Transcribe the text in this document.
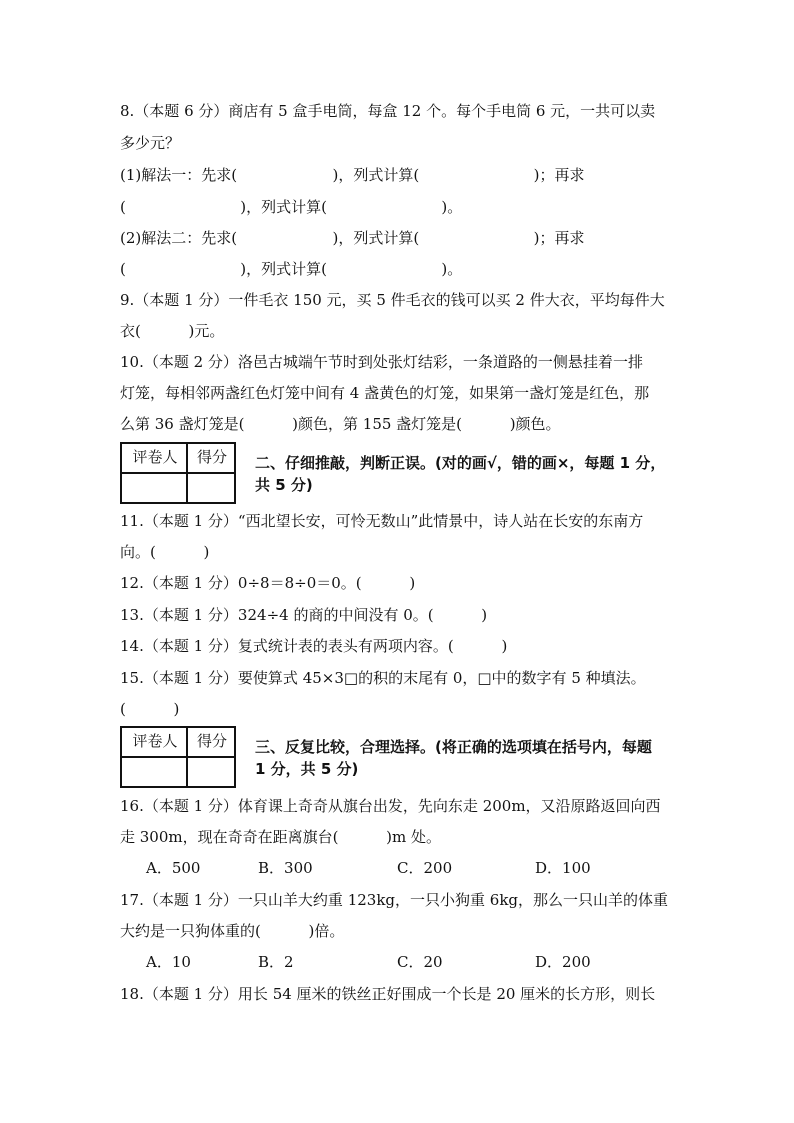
8.（本题 6 分）商店有 5 盒手电筒，每盒 12 个。每个手电筒 6 元，一共可以卖
多少元？
(1)解法一：先求(                    )，列式计算(                        )；再求
(                        )，列式计算(                        )。
(2)解法二：先求(                    )，列式计算(                        )；再求
(                        )，列式计算(                        )。
9.（本题 1 分）一件毛衣 150 元，买 5 件毛衣的钱可以买 2 件大衣，平均每件大
衣(          )元。
10.（本题 2 分）洛邑古城端午节时到处张灯结彩，一条道路的一侧悬挂着一排
灯笼，每相邻两盏红色灯笼中间有 4 盏黄色的灯笼，如果第一盏灯笼是红色，那
么第 36 盏灯笼是(          )颜色，第 155 盏灯笼是(          )颜色。
评卷人	得分	二、仔细推敲，判断正误。(对的画√，错的画×，每题 1 分，
共 5 分)
11.（本题 1 分）“西北望长安，可怜无数山”此情景中，诗人站在长安的东南方
向。(          )
12.（本题 1 分）0÷8＝8÷0＝0。(          )
13.（本题 1 分）324÷4 的商的中间没有 0。(          )
14.（本题 1 分）复式统计表的表头有两项内容。(          )
15.（本题 1 分）要使算式 45×3□的积的末尾有 0，□中的数字有 5 种填法。
(          )
评卷人	得分	三、反复比较，合理选择。(将正确的选项填在括号内，每题
1 分，共 5 分)
16.（本题 1 分）体育课上奇奇从旗台出发，先向东走 200m，又沿原路返回向西
走 300m，现在奇奇在距离旗台(          )m 处。
A．500	B．300	C．200	D．100
17.（本题 1 分）一只山羊大约重 123kg，一只小狗重 6kg，那么一只山羊的体重
大约是一只狗体重的(          )倍。
A．10	B．2	C．20	D．200
18.（本题 1 分）用长 54 厘米的铁丝正好围成一个长是 20 厘米的长方形，则长
